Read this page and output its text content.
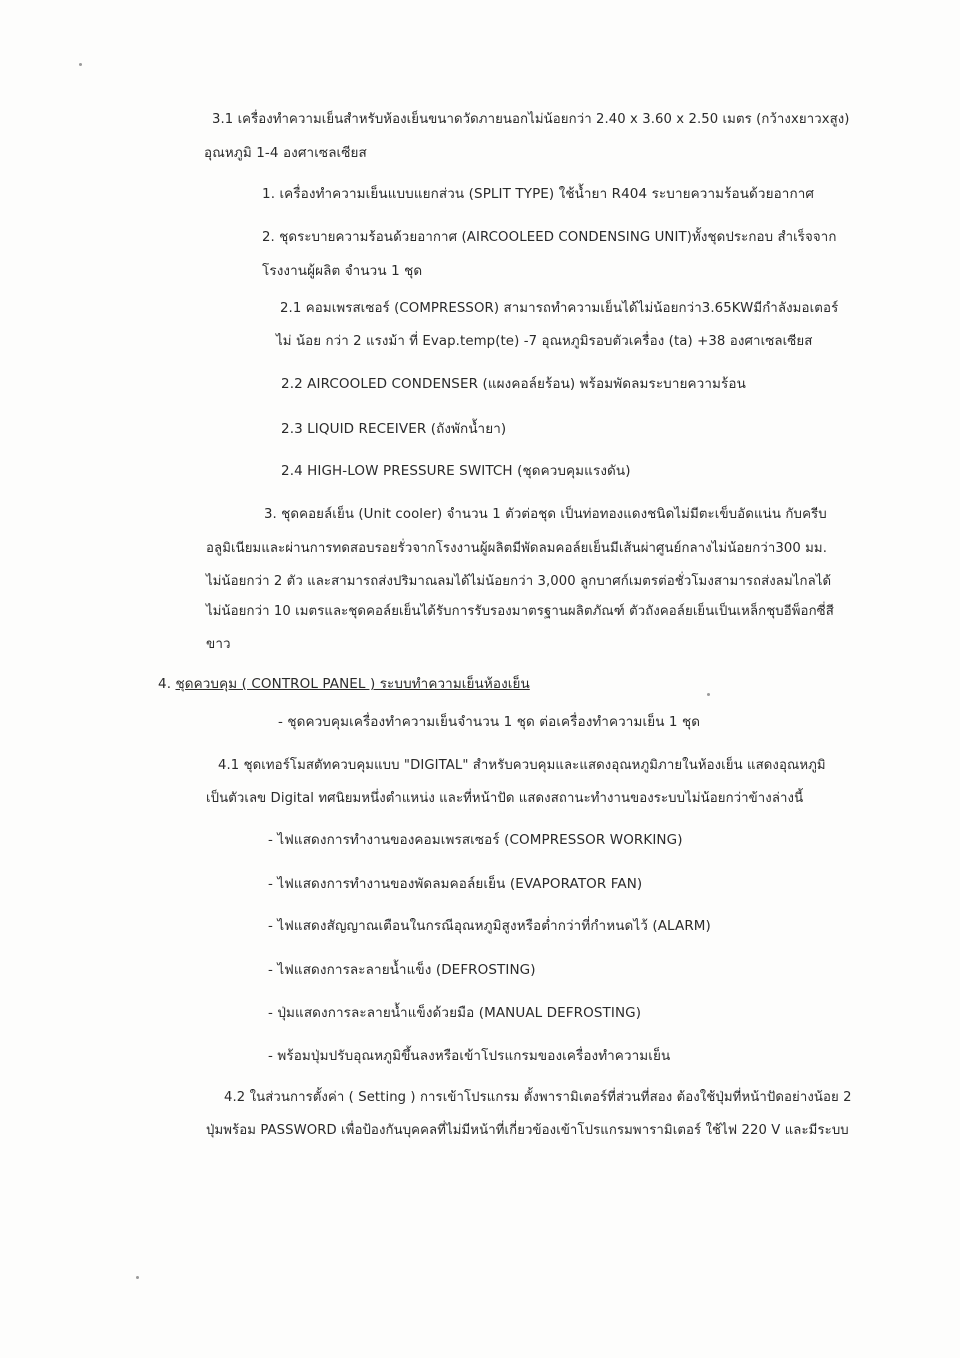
3.1 เครื่องทำความเย็นสำหรับห้องเย็นขนาดวัดภายนอกไม่น้อยกว่า 2.40 x 3.60 x 2.50 เมตร (กว้างxยาวxสูง)
อุณหภูมิ 1-4 องศาเซลเซียส
1. เครื่องทำความเย็นแบบแยกส่วน (SPLIT TYPE) ใช้น้ำยา R404 ระบายความร้อนด้วยอากาศ
2. ชุดระบายความร้อนด้วยอากาศ (AIRCOOLEED CONDENSING UNIT)ทั้งชุดประกอบ สำเร็จจาก
โรงงานผู้ผลิต จำนวน 1 ชุด
2.1 คอมเพรสเซอร์ (COMPRESSOR) สามารถทำความเย็นได้ไม่น้อยกว่า3.65KWมีกำลังมอเตอร์
ไม่ น้อย กว่า 2 แรงม้า ที่ Evap.temp(te) -7 อุณหภูมิรอบตัวเครื่อง (ta) +38 องศาเซลเซียส
2.2 AIRCOOLED CONDENSER (แผงคอล์ยร้อน) พร้อมพัดลมระบายความร้อน
2.3 LIQUID RECEIVER (ถังพักน้ำยา)
2.4 HIGH-LOW PRESSURE SWITCH (ชุดควบคุมแรงดัน)
3. ชุดคอยล์เย็น (Unit cooler) จำนวน 1 ตัวต่อชุด เป็นท่อทองแดงชนิดไม่มีตะเข็บอัดแน่น กับครีบ
อลูมิเนียมและผ่านการทดสอบรอยรั่วจากโรงงานผู้ผลิตมีพัดลมคอล์ยเย็นมีเส้นผ่าศูนย์กลางไม่น้อยกว่า300 มม.
ไม่น้อยกว่า 2 ตัว และสามารถส่งปริมาณลมได้ไม่น้อยกว่า 3,000 ลูกบาศก์เมตรต่อชั่วโมงสามารถส่งลมไกลได้
ไม่น้อยกว่า 10 เมตรและชุดคอล์ยเย็นได้รับการรับรองมาตรฐานผลิตภัณฑ์ ตัวถังคอล์ยเย็นเป็นเหล็กชุบอีพ็อกซี่สี
ขาว
4. ชุดควบคุม ( CONTROL PANEL ) ระบบทำความเย็นห้องเย็น
- ชุดควบคุมเครื่องทำความเย็นจำนวน 1 ชุด ต่อเครื่องทำความเย็น 1 ชุด
4.1 ชุดเทอร์โมสตัทควบคุมแบบ "DIGITAL" สำหรับควบคุมและแสดงอุณหภูมิภายในห้องเย็น แสดงอุณหภูมิ
เป็นตัวเลข Digital ทศนิยมหนึ่งตำแหน่ง และที่หน้าปัด แสดงสถานะทำงานของระบบไม่น้อยกว่าข้างล่างนี้
- ไฟแสดงการทำงานของคอมเพรสเซอร์ (COMPRESSOR WORKING)
- ไฟแสดงการทำงานของพัดลมคอล์ยเย็น (EVAPORATOR FAN)
- ไฟแสดงสัญญาณเตือนในกรณีอุณหภูมิสูงหรือต่ำกว่าที่กำหนดไว้ (ALARM)
- ไฟแสดงการละลายน้ำแข็ง (DEFROSTING)
- ปุ่มแสดงการละลายน้ำแข็งด้วยมือ (MANUAL DEFROSTING)
- พร้อมปุ่มปรับอุณหภูมิขึ้นลงหรือเข้าโปรแกรมของเครื่องทำความเย็น
4.2 ในส่วนการตั้งค่า ( Setting ) การเข้าโปรแกรม ตั้งพารามิเตอร์ที่ส่วนที่สอง ต้องใช้ปุ่มที่หน้าปัดอย่างน้อย 2
ปุ่มพร้อม PASSWORD เพื่อป้องกันบุคคลที่ไม่มีหน้าที่เกี่ยวข้องเข้าโปรแกรมพารามิเตอร์ ใช้ไฟ 220 V และมีระบบ
